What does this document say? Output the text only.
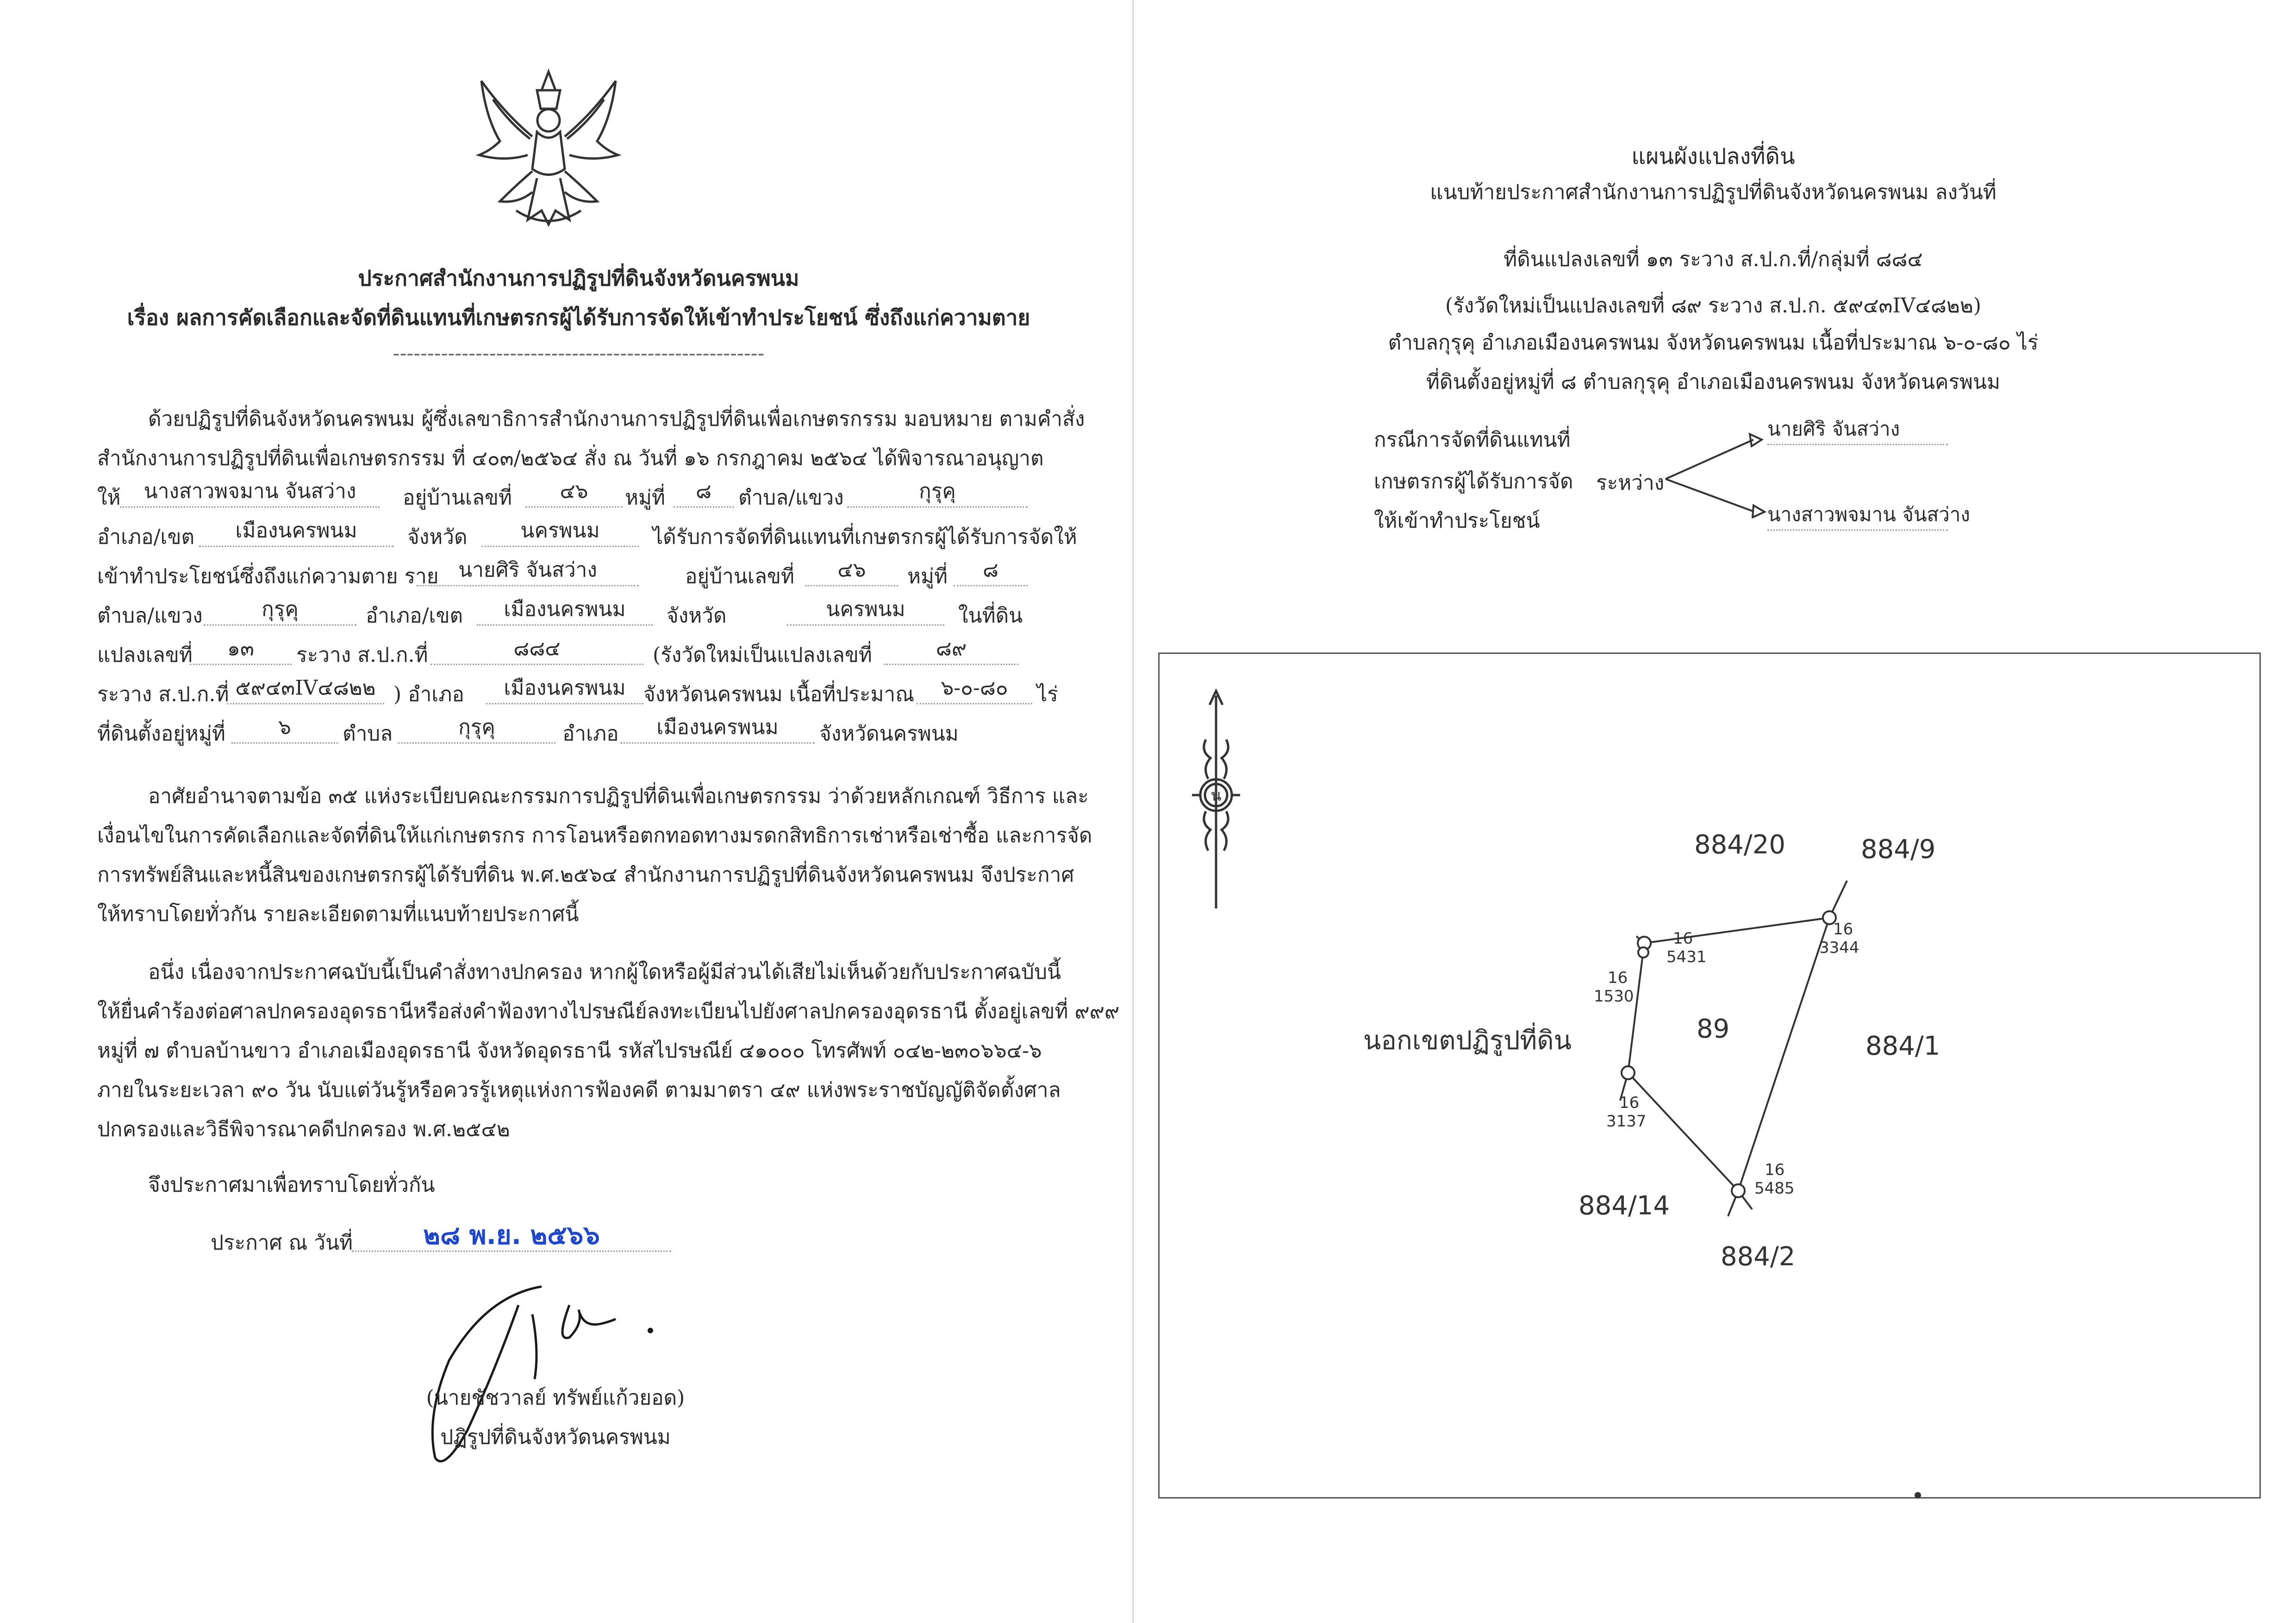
ประกาศสำนักงานการปฏิรูปที่ดินจังหวัดนครพนม
เรื่อง ผลการคัดเลือกและจัดที่ดินแทนที่เกษตรกรผู้ได้รับการจัดให้เข้าทำประโยชน์ ซึ่งถึงแก่ความตาย
------------------------------------------------------
ด้วยปฏิรูปที่ดินจังหวัดนครพนม ผู้ซึ่งเลขาธิการสำนักงานการปฏิรูปที่ดินเพื่อเกษตรกรรม มอบหมาย ตามคำสั่ง
สำนักงานการปฏิรูปที่ดินเพื่อเกษตรกรรม ที่ ๔๐๓/๒๕๖๔ สั่ง ณ วันที่ ๑๖ กรกฎาคม ๒๕๖๔ ได้พิจารณาอนุญาต
ให้	นางสาวพจมาน จันสว่าง	อยู่บ้านเลขที่	๔๖	หมู่ที่	๘	ตำบล/แขวง	กุรุคุ
อำเภอ/เขต	เมืองนครพนม	จังหวัด	นครพนม	ได้รับการจัดที่ดินแทนที่เกษตรกรผู้ได้รับการจัดให้
เข้าทำประโยชน์ซึ่งถึงแก่ความตาย ราย นายศิริ จันสว่าง	อยู่บ้านเลขที่	๔๖	หมู่ที่	๘
ตำบล/แขวง	กุรุคุ	อำเภอ/เขต	เมืองนครพนม	จังหวัด	นครพนม	ในที่ดิน
แปลงเลขที่	๑๓	ระวาง ส.ป.ก.ที่	๘๘๔	(รังวัดใหม่เป็นแปลงเลขที่	๘๙
ระวาง ส.ป.ก.ที่ ๕๙๔๓IV๔๘๒๒ ) อำเภอ	เมืองนครพนม จังหวัดนครพนม เนื้อที่ประมาณ	๖-๐-๘๐	ไร่
ที่ดินตั้งอยู่หมู่ที่	๖	ตำบล	กุรุคุ	อำเภอ	เมืองนครพนม	จังหวัดนครพนม
อาศัยอำนาจตามข้อ ๓๕ แห่งระเบียบคณะกรรมการปฏิรูปที่ดินเพื่อเกษตรกรรม ว่าด้วยหลักเกณฑ์ วิธีการ และ
เงื่อนไขในการคัดเลือกและจัดที่ดินให้แก่เกษตรกร การโอนหรือตกทอดทางมรดกสิทธิการเช่าหรือเช่าซื้อ และการจัด
การทรัพย์สินและหนี้สินของเกษตรกรผู้ได้รับที่ดิน พ.ศ.๒๕๖๔ สำนักงานการปฏิรูปที่ดินจังหวัดนครพนม จึงประกาศ
ให้ทราบโดยทั่วกัน รายละเอียดตามที่แนบท้ายประกาศนี้
อนึ่ง เนื่องจากประกาศฉบับนี้เป็นคำสั่งทางปกครอง หากผู้ใดหรือผู้มีส่วนได้เสียไม่เห็นด้วยกับประกาศฉบับนี้
ให้ยื่นคำร้องต่อศาลปกครองอุดรธานีหรือส่งคำฟ้องทางไปรษณีย์ลงทะเบียนไปยังศาลปกครองอุดรธานี ตั้งอยู่เลขที่ ๙๙๙
หมู่ที่ ๗ ตำบลบ้านขาว อำเภอเมืองอุดรธานี จังหวัดอุดรธานี รหัสไปรษณีย์ ๔๑๐๐๐ โทรศัพท์ ๐๔๒-๒๓๐๖๖๔-๖
ภายในระยะเวลา ๙๐ วัน นับแต่วันรู้หรือควรรู้เหตุแห่งการฟ้องคดี ตามมาตรา ๔๙ แห่งพระราชบัญญัติจัดตั้งศาล
ปกครองและวิธีพิจารณาคดีปกครอง พ.ศ.๒๕๔๒
จึงประกาศมาเพื่อทราบโดยทั่วกัน
ประกาศ ณ วันที่	๒๘ พ.ย. ๒๕๖๖
(นายชัชวาลย์ ทรัพย์แก้วยอด)
ปฏิรูปที่ดินจังหวัดนครพนม
แผนผังแปลงที่ดิน
แนบท้ายประกาศสำนักงานการปฏิรูปที่ดินจังหวัดนครพนม ลงวันที่
ที่ดินแปลงเลขที่ ๑๓ ระวาง ส.ป.ก.ที่/กลุ่มที่ ๘๘๔
(รังวัดใหม่เป็นแปลงเลขที่ ๘๙ ระวาง ส.ป.ก. ๕๙๔๓IV๔๘๒๒)
ตำบลกุรุคุ อำเภอเมืองนครพนม จังหวัดนครพนม เนื้อที่ประมาณ ๖-๐-๘๐ ไร่
ที่ดินตั้งอยู่หมู่ที่ ๘ ตำบลกุรุคุ อำเภอเมืองนครพนม จังหวัดนครพนม
กรณีการจัดที่ดินแทนที่
เกษตรกรผู้ได้รับการจัด
ให้เข้าทำประโยชน์
ระหว่าง
นายศิริ จันสว่าง
นางสาวพจมาน จันสว่าง
น
นอกเขตปฏิรูปที่ดิน	89
884/20	884/9
884/1
884/14
884/2
16
5431
16
3344
16
1530
16
3137
16
5485
